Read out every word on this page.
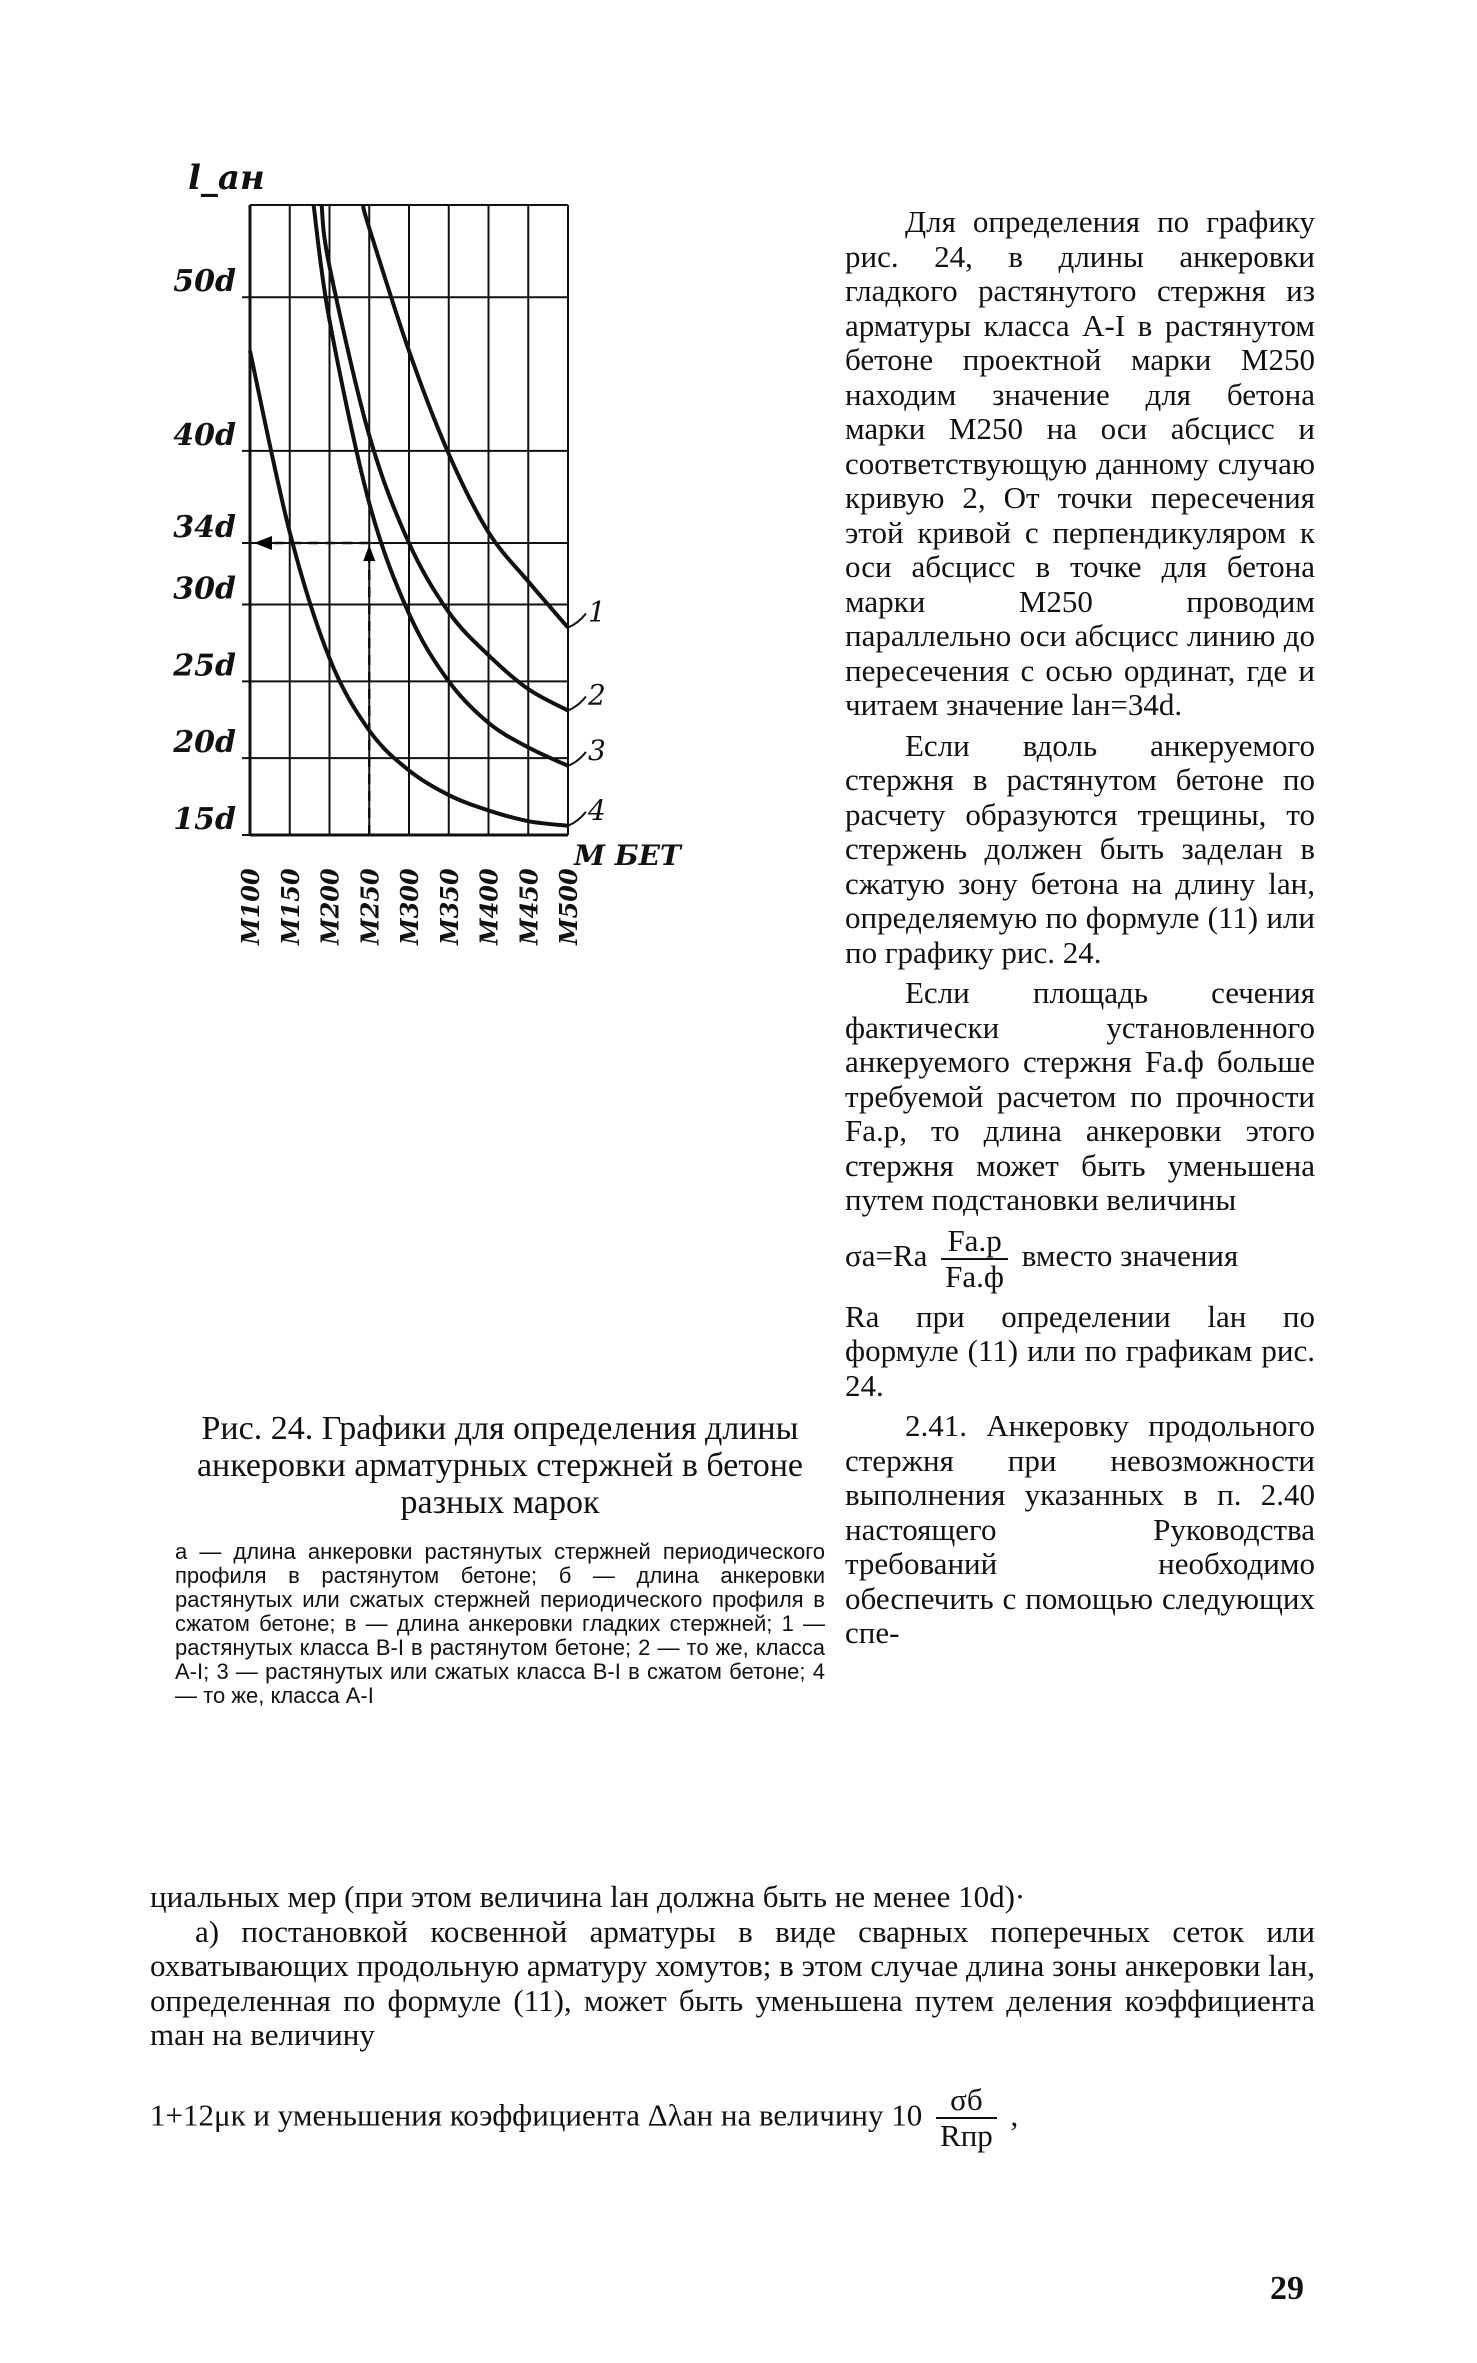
1
2
3
4
15d
20d
25d
30d
34d
40d
50d
М100 М150 М200 М250 М300 М350 М400 М450 М500
М БЕТ
l_ан
Рис. 24. Графики для определения длины анкеровки арматурных стержней в бетоне разных марок
а — длина анкеровки растянутых стержней периодического профиля в растянутом бетоне; б — длина анкеровки растянутых или сжатых стержней периодического профиля в сжатом бетоне; в — длина анкеровки гладких стержней; 1 — растянутых класса В-I в растянутом бетоне; 2 — то же, класса А-I; 3 — растянутых или сжатых класса В-I в сжатом бетоне; 4 — то же, класса А-I

Для определения по графику рис. 24, в длины анкеровки гладкого растянутого стержня из арматуры класса А-I в растянутом бетоне проектной марки М250 находим значение для бетона марки М250 на оси абсцисс и соответствующую данному случаю кривую 2, От точки пересечения этой кривой с перпендикуляром к оси абсцисс в точке для бетона марки М250 проводим параллельно оси абсцисс линию до пересечения с осью ординат, где и читаем значение lан=34d.

Если вдоль анкеруемого стержня в растянутом бетоне по расчету образуются трещины, то стержень должен быть заделан в сжатую зону бетона на длину lан, определяемую по формуле (11) или по графику рис. 24.

Если площадь сечения фактически установленного анкеруемого стержня Fа.ф больше требуемой расчетом по прочности Fа.р, то длина анкеровки этого стержня может быть уменьшена путем подстановки величины

$\sigma а=Rа \frac{Fа.р}{Fа.ф}$ вместо значения

Rа при определении lан по формуле (11) или по графикам рис. 24.

2.41. Анкеровку продольного стержня при невозможности выполнения указанных в п. 2.40 настоящего Руководства требований необходимо обеспечить с помощью следующих спе-

циальных мер (при этом величина lан должна быть не менее 10d)·

а) постановкой косвенной арматуры в виде сварных поперечных сеток или охватывающих продольную арматуру хомутов; в этом случае длина зоны анкеровки lан, определенная по формуле (11), может быть уменьшена путем деления коэффициента mан на величину

1+12μк и уменьшения коэффициента Δλан на величину $10 \frac{\sigma б}{\text{Rпр}}$ ,
29
